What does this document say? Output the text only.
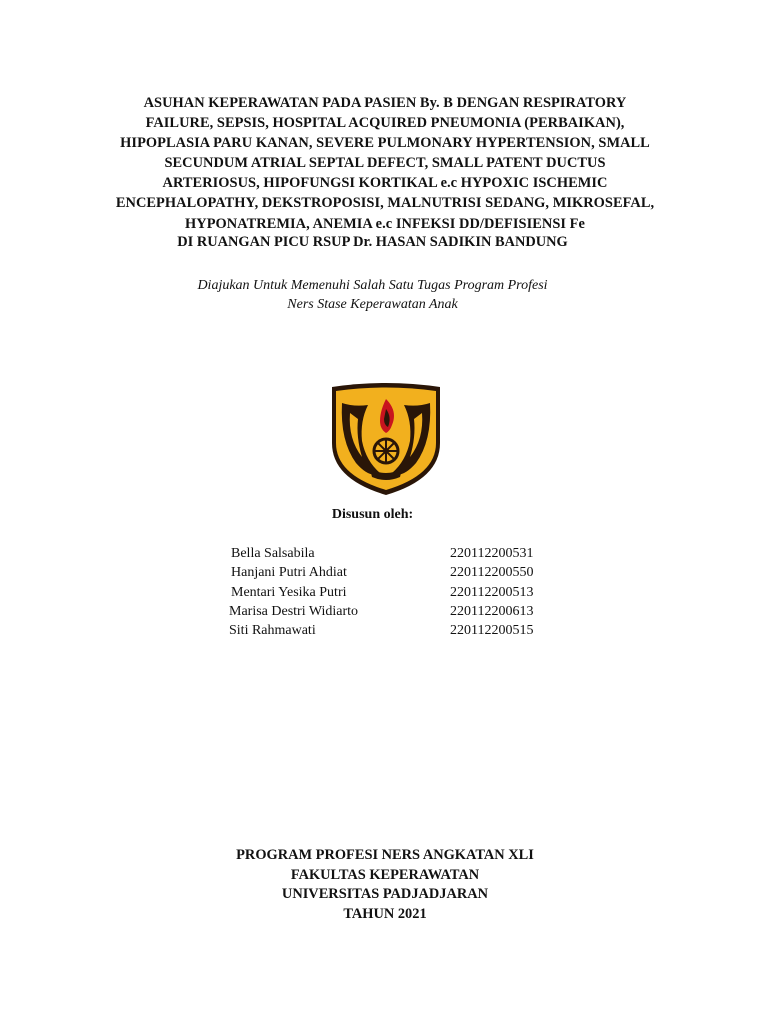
ASUHAN KEPERAWATAN PADA PASIEN By. B DENGAN RESPIRATORY
FAILURE, SEPSIS, HOSPITAL ACQUIRED PNEUMONIA (PERBAIKAN),
HIPOPLASIA PARU KANAN, SEVERE PULMONARY HYPERTENSION, SMALL
SECUNDUM ATRIAL SEPTAL DEFECT, SMALL PATENT DUCTUS
ARTERIOSUS, HIPOFUNGSI KORTIKAL e.c HYPOXIC ISCHEMIC
ENCEPHALOPATHY, DEKSTROPOSISI, MALNUTRISI SEDANG, MIKROSEFAL,
HYPONATREMIA, ANEMIA e.c INFEKSI DD/DEFISIENSI Fe
DI RUANGAN PICU RSUP Dr. HASAN SADIKIN BANDUNG
Diajukan Untuk Memenuhi Salah Satu Tugas Program Profesi
Ners Stase Keperawatan Anak
Disusun oleh:
Bella Salsabila	220112200531
Hanjani Putri Ahdiat	220112200550
Mentari Yesika Putri	220112200513
Marisa Destri Widiarto	220112200613
Siti Rahmawati	220112200515
PROGRAM PROFESI NERS ANGKATAN XLI
FAKULTAS KEPERAWATAN
UNIVERSITAS PADJADJARAN
TAHUN 2021
